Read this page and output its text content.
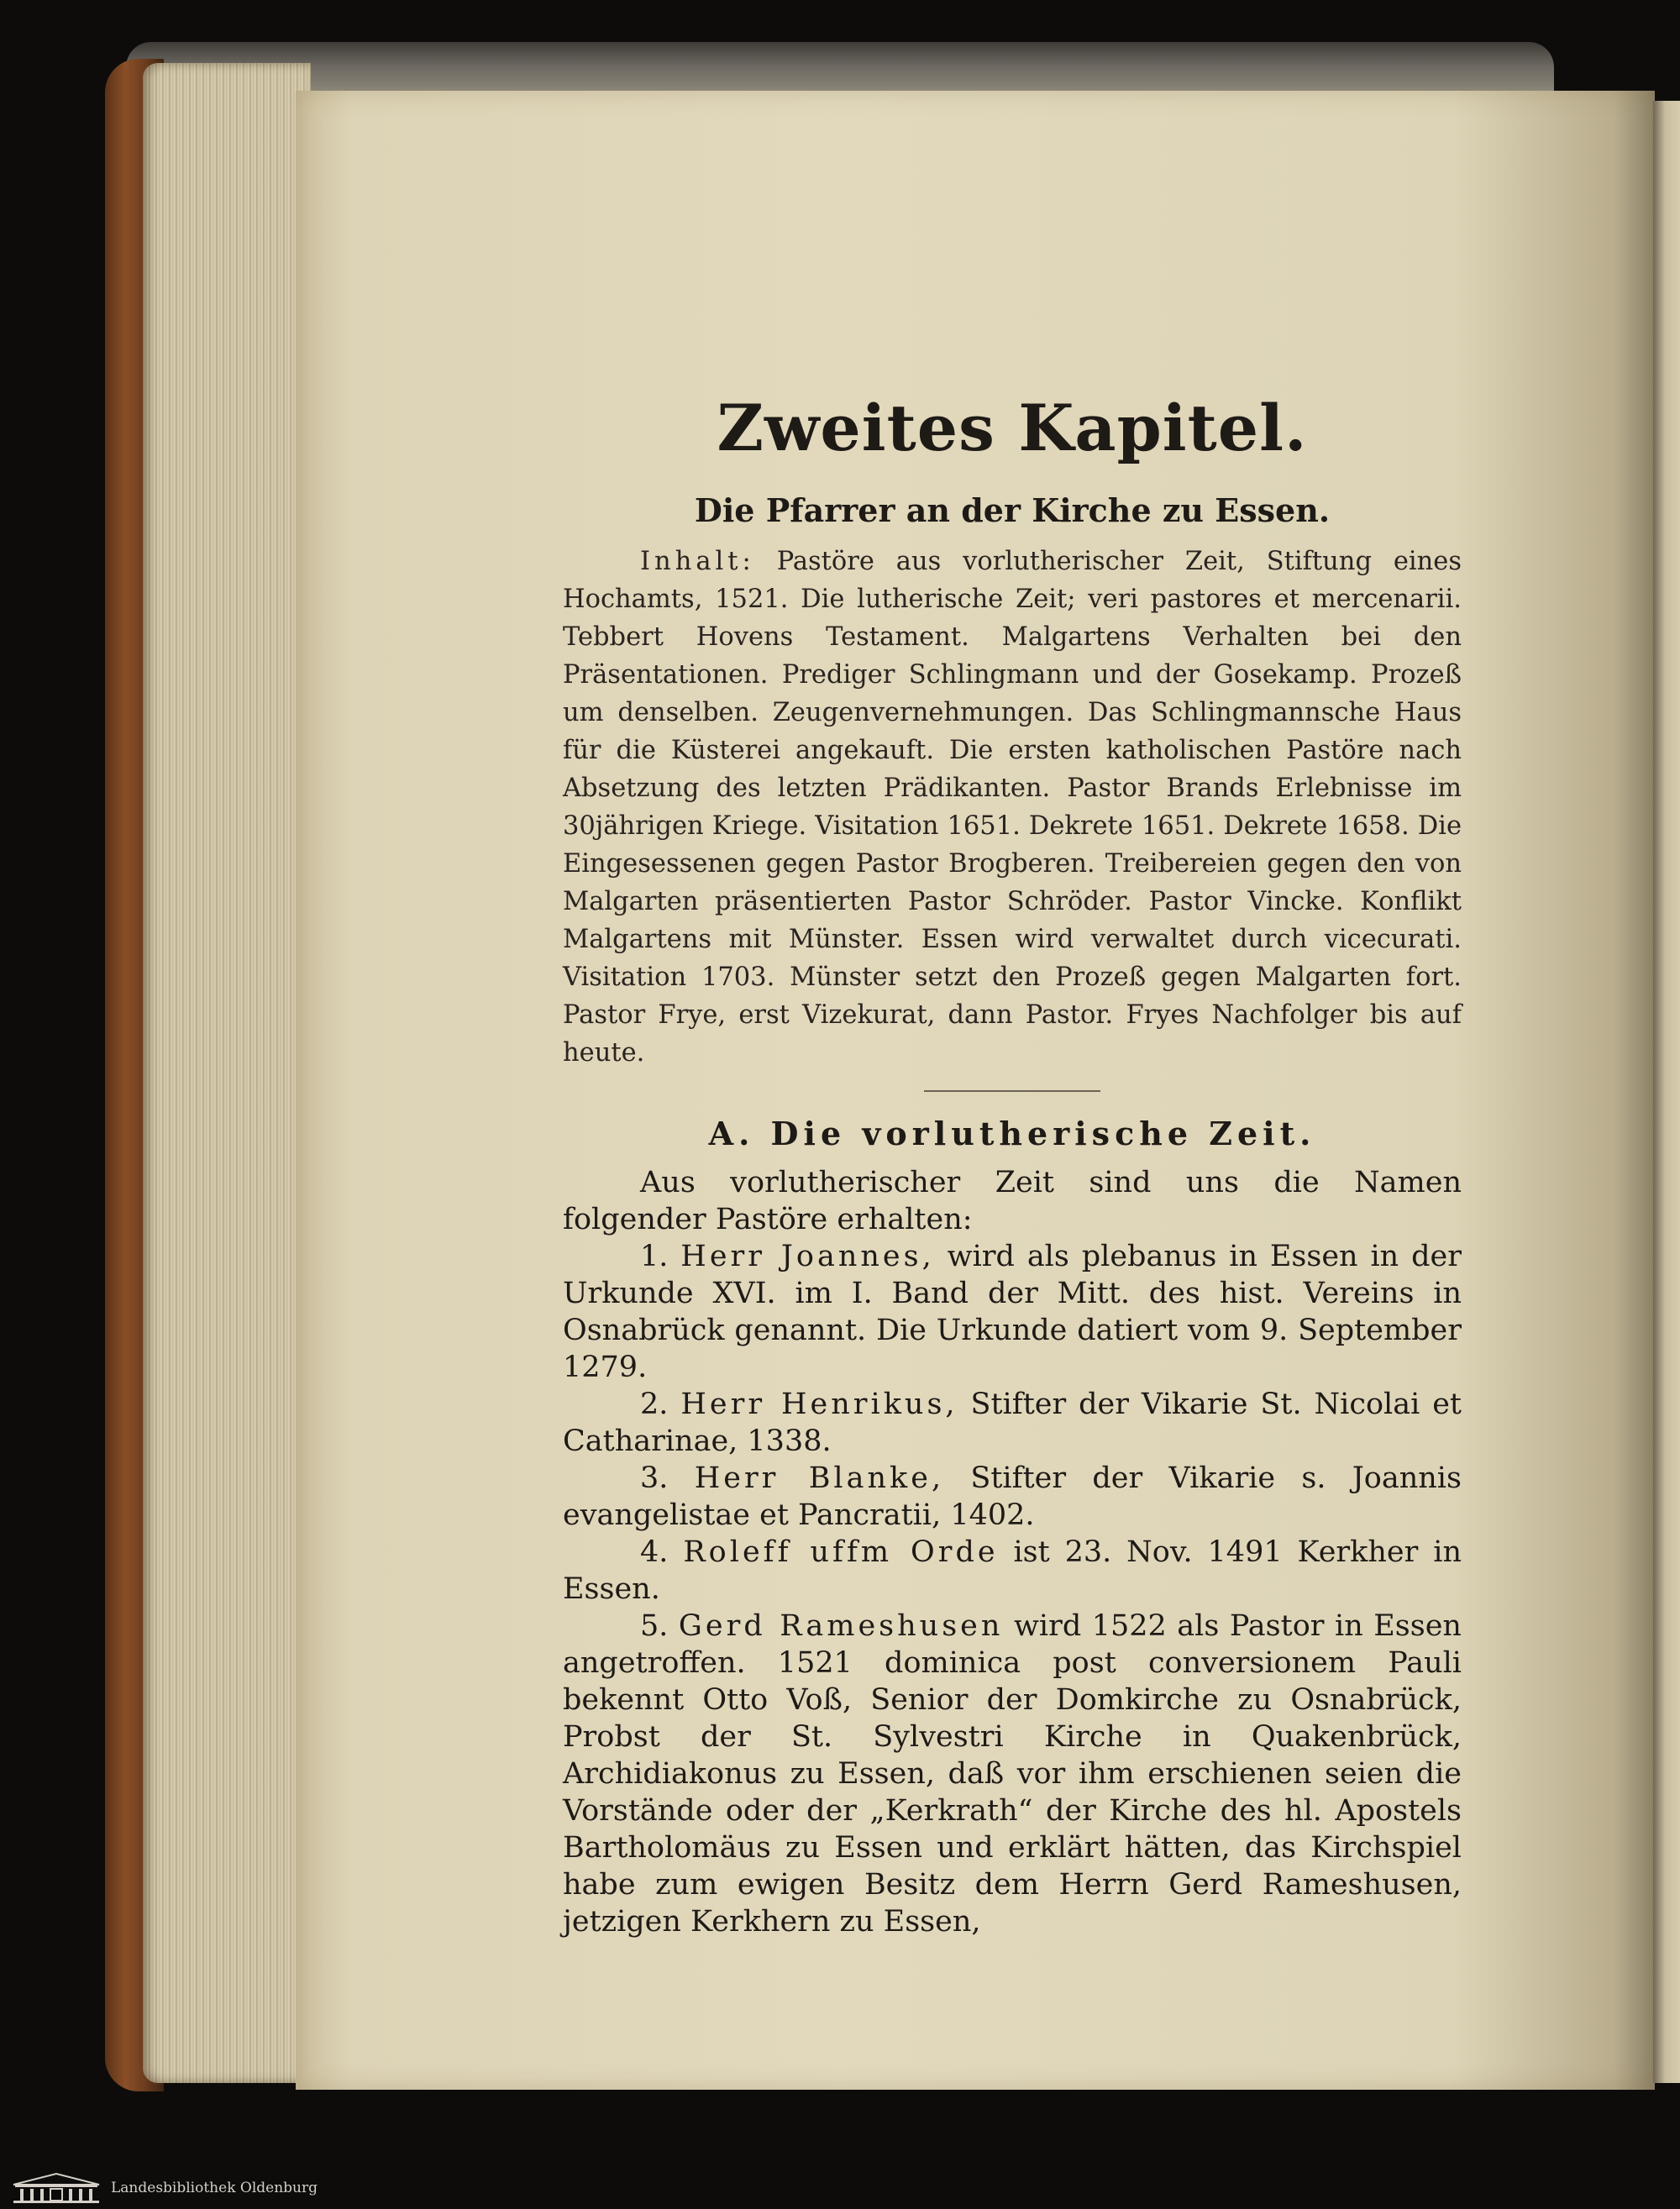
Zweites Kapitel.
Die Pfarrer an der Kirche zu Essen.

Inhalt: Pastöre aus vorlutherischer Zeit, Stiftung eines Hochamts, 1521. Die lutherische Zeit; veri pastores et mercenarii. Tebbert Hovens Testament. Malgartens Verhalten bei den Präsentationen. Prediger Schlingmann und der Gosekamp. Prozeß um denselben. Zeugenvernehmungen. Das Schlingmannsche Haus für die Küsterei angekauft. Die ersten katholischen Pastöre nach Absetzung des letzten Prädikanten. Pastor Brands Erlebnisse im 30jährigen Kriege. Visitation 1651. Dekrete 1651. Dekrete 1658. Die Eingesessenen gegen Pastor Brogberen. Treibereien gegen den von Malgarten präsentierten Pastor Schröder. Pastor Vincke. Konflikt Malgartens mit Münster. Essen wird verwaltet durch vicecurati. Visitation 1703. Münster setzt den Prozeß gegen Malgarten fort. Pastor Frye, erst Vizekurat, dann Pastor. Fryes Nachfolger bis auf heute.

A. Die vorlutherische Zeit.

Aus vorlutherischer Zeit sind uns die Namen folgender Pastöre erhalten:

1. Herr Joannes, wird als plebanus in Essen in der Urkunde XVI. im I. Band der Mitt. des hist. Vereins in Osnabrück genannt. Die Urkunde datiert vom 9. September 1279.

2. Herr Henrikus, Stifter der Vikarie St. Nicolai et Catharinae, 1338.

3. Herr Blanke, Stifter der Vikarie s. Joannis evangelistae et Pancratii, 1402.

4. Roleff uffm Orde ist 23. Nov. 1491 Kerkher in Essen.

5. Gerd Rameshusen wird 1522 als Pastor in Essen angetroffen. 1521 dominica post conversionem Pauli bekennt Otto Voß, Senior der Domkirche zu Osnabrück, Probst der St. Sylvestri Kirche in Quakenbrück, Archidiakonus zu Essen, daß vor ihm erschienen seien die Vorstände oder der „Kerkrath“ der Kirche des hl. Apostels Bartholomäus zu Essen und erklärt hätten, das Kirchspiel habe zum ewigen Besitz dem Herrn Gerd Rameshusen, jetzigen Kerkhern zu Essen,

Landesbibliothek Oldenburg
